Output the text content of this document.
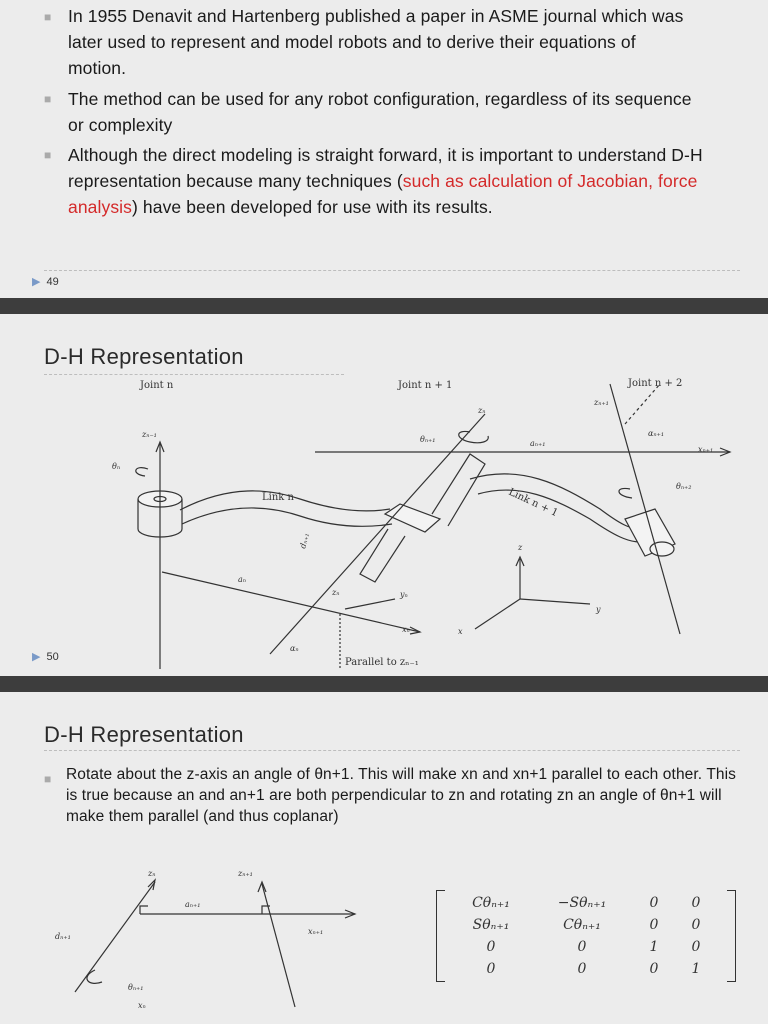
■ In 1955 Denavit and Hartenberg published a paper in ASME journal which was later used to represent and model robots and to derive their equations of motion.
■ The method can be used for any robot configuration, regardless of its sequence or complexity
■ Although the direct modeling is straight forward, it is important to understand D-H representation because many techniques (such as calculation of Jacobian, force analysis) have been developed for use with its results.
▶ 49
D-H Representation
Joint n	Joint n + 1	Joint n + 2
zₙ₋₁
θₙ
Link n	Link n + 1
zₙ
zₙ₊₁
θₙ₊₁	aₙ₊₁
αₙ₊₁
xₙ₊₁
θₙ₊₂
dₙ₊₁
aₙ
zₙ	yₙ
xₙ
αₙ
Parallel to zₙ₋₁
z
y
x
▶ 50
D-H Representation
■ Rotate about the z-axis an angle of θn+1. This will make xn and xn+1 parallel to each other. This is true because an and an+1 are both perpendicular to zn and rotating zn an angle of θn+1 will make them parallel (and thus coplanar)
zₙ	zₙ₊₁
aₙ₊₁
xₙ₊₁
dₙ₊₁
θₙ₊₁
xₙ
Cθₙ₊₁	−Sθₙ₊₁	0	0
Sθₙ₊₁	Cθₙ₊₁	0	0
0	0	1	0
0	0	0	1
